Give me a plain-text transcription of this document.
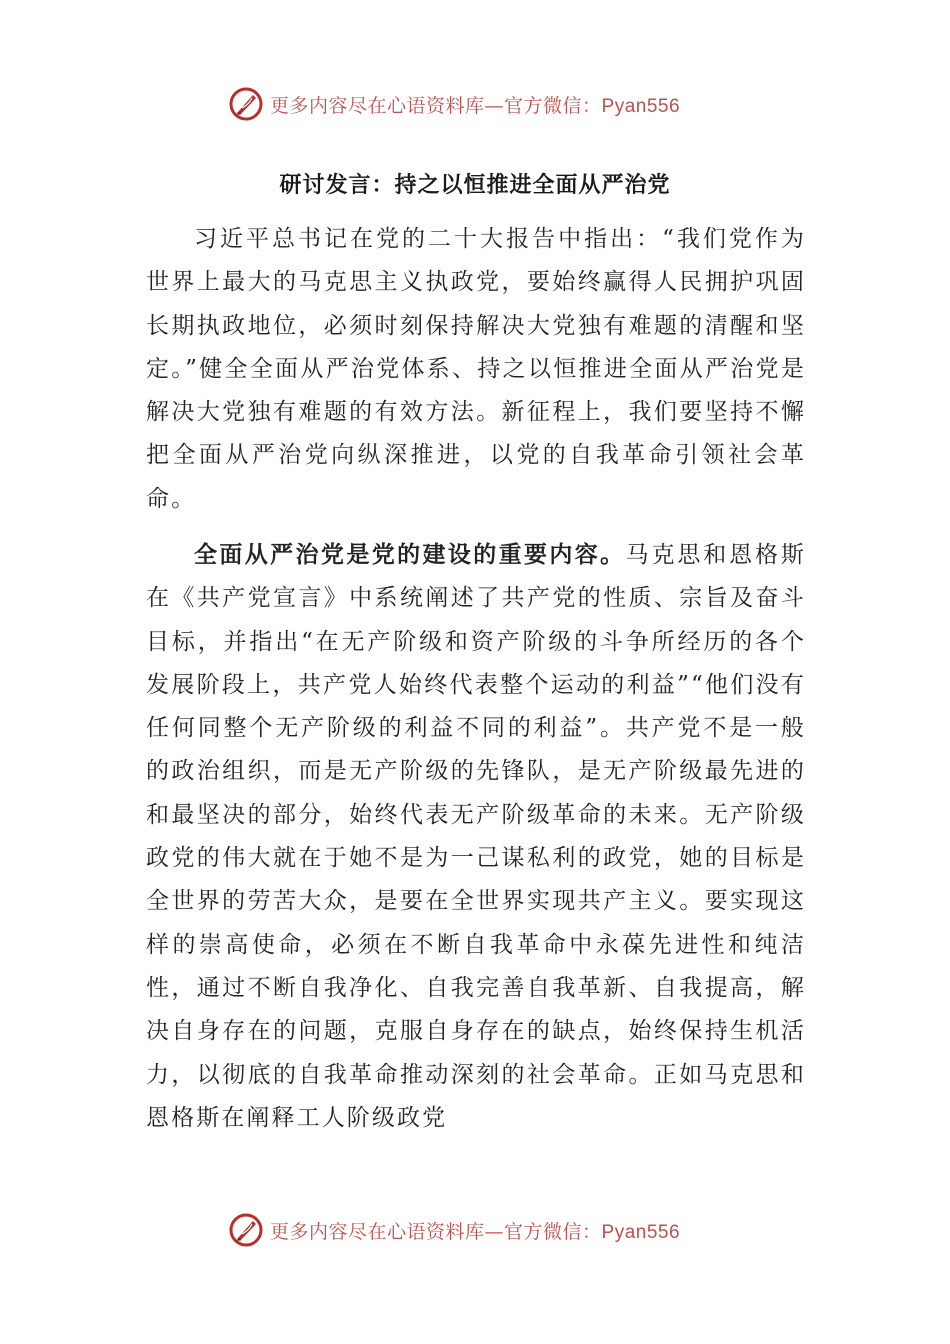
更多内容尽在心语资料库—官方微信：Pyan556
研讨发言：持之以恒推进全面从严治党

习近平总书记在党的二十大报告中指出：“我们党作为世界上最大的马克思主义执政党，要始终赢得人民拥护巩固长期执政地位，必须时刻保持解决大党独有难题的清醒和坚定。”健全全面从严治党体系、持之以恒推进全面从严治党是解决大党独有难题的有效方法。新征程上，我们要坚持不懈把全面从严治党向纵深推进，以党的自我革命引领社会革命。

全面从严治党是党的建设的重要内容。马克思和恩格斯在《共产党宣言》中系统阐述了共产党的性质、宗旨及奋斗目标，并指出“在无产阶级和资产阶级的斗争所经历的各个发展阶段上，共产党人始终代表整个运动的利益”“他们没有任何同整个无产阶级的利益不同的利益”。共产党不是一般的政治组织，而是无产阶级的先锋队，是无产阶级最先进的和最坚决的部分，始终代表无产阶级革命的未来。无产阶级政党的伟大就在于她不是为一己谋私利的政党，她的目标是全世界的劳苦大众，是要在全世界实现共产主义。要实现这样的崇高使命，必须在不断自我革命中永葆先进性和纯洁性，通过不断自我净化、自我完善自我革新、自我提高，解决自身存在的问题，克服自身存在的缺点，始终保持生机活力，以彻底的自我革命推动深刻的社会革命。正如马克思和恩格斯在阐释工人阶级政党

更多内容尽在心语资料库—官方微信：Pyan556
